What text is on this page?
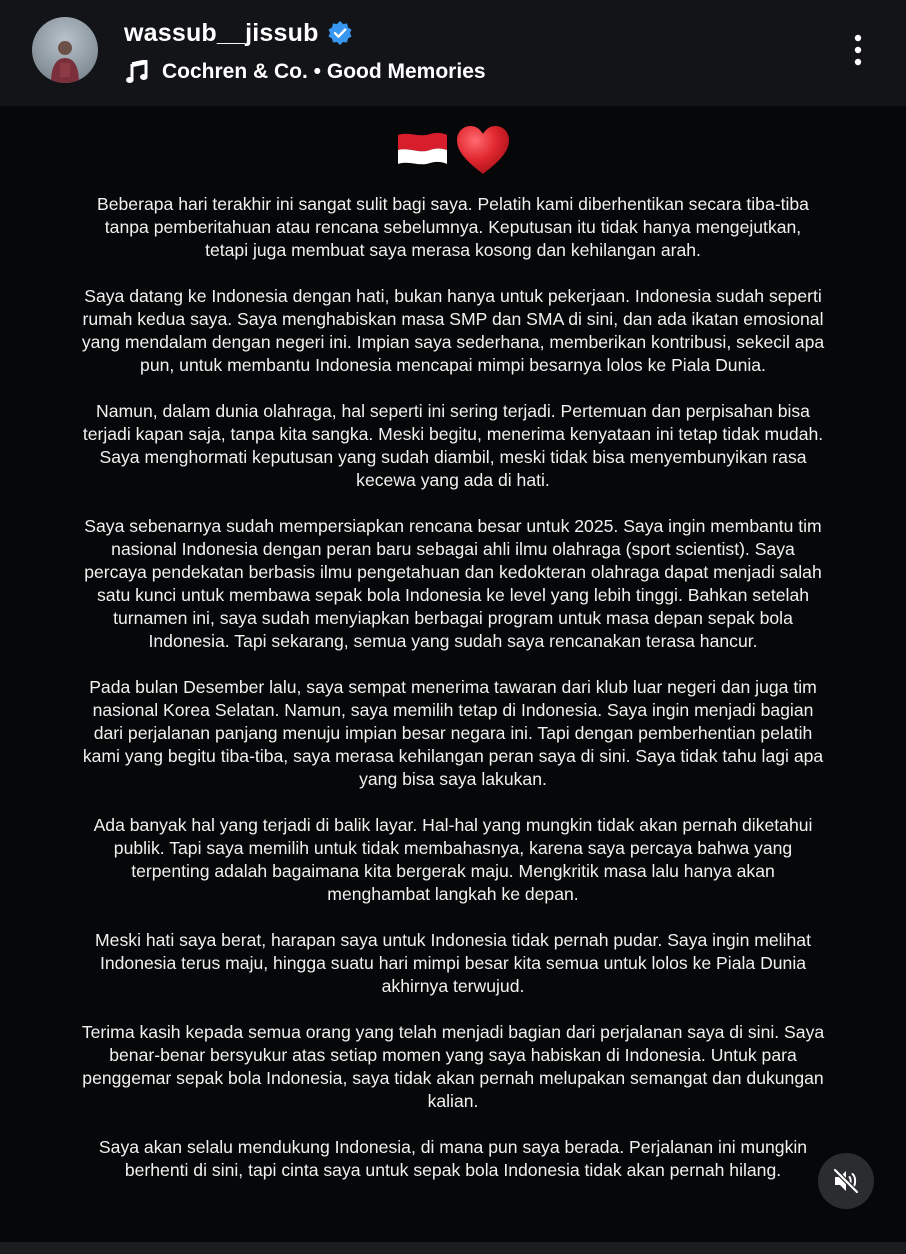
wassub__jissub
Cochren & Co. • Good Memories

Beberapa hari terakhir ini sangat sulit bagi saya. Pelatih kami diberhentikan secara tiba-tiba
tanpa pemberitahuan atau rencana sebelumnya. Keputusan itu tidak hanya mengejutkan,
tetapi juga membuat saya merasa kosong dan kehilangan arah.

Saya datang ke Indonesia dengan hati, bukan hanya untuk pekerjaan. Indonesia sudah seperti
rumah kedua saya. Saya menghabiskan masa SMP dan SMA di sini, dan ada ikatan emosional
yang mendalam dengan negeri ini. Impian saya sederhana, memberikan kontribusi, sekecil apa
pun, untuk membantu Indonesia mencapai mimpi besarnya lolos ke Piala Dunia.

Namun, dalam dunia olahraga, hal seperti ini sering terjadi. Pertemuan dan perpisahan bisa
terjadi kapan saja, tanpa kita sangka. Meski begitu, menerima kenyataan ini tetap tidak mudah.
Saya menghormati keputusan yang sudah diambil, meski tidak bisa menyembunyikan rasa
kecewa yang ada di hati.

Saya sebenarnya sudah mempersiapkan rencana besar untuk 2025. Saya ingin membantu tim
nasional Indonesia dengan peran baru sebagai ahli ilmu olahraga (sport scientist). Saya
percaya pendekatan berbasis ilmu pengetahuan dan kedokteran olahraga dapat menjadi salah
satu kunci untuk membawa sepak bola Indonesia ke level yang lebih tinggi. Bahkan setelah
turnamen ini, saya sudah menyiapkan berbagai program untuk masa depan sepak bola
Indonesia. Tapi sekarang, semua yang sudah saya rencanakan terasa hancur.

Pada bulan Desember lalu, saya sempat menerima tawaran dari klub luar negeri dan juga tim
nasional Korea Selatan. Namun, saya memilih tetap di Indonesia. Saya ingin menjadi bagian
dari perjalanan panjang menuju impian besar negara ini. Tapi dengan pemberhentian pelatih
kami yang begitu tiba-tiba, saya merasa kehilangan peran saya di sini. Saya tidak tahu lagi apa
yang bisa saya lakukan.

Ada banyak hal yang terjadi di balik layar. Hal-hal yang mungkin tidak akan pernah diketahui
publik. Tapi saya memilih untuk tidak membahasnya, karena saya percaya bahwa yang
terpenting adalah bagaimana kita bergerak maju. Mengkritik masa lalu hanya akan
menghambat langkah ke depan.

Meski hati saya berat, harapan saya untuk Indonesia tidak pernah pudar. Saya ingin melihat
Indonesia terus maju, hingga suatu hari mimpi besar kita semua untuk lolos ke Piala Dunia
akhirnya terwujud.

Terima kasih kepada semua orang yang telah menjadi bagian dari perjalanan saya di sini. Saya
benar-benar bersyukur atas setiap momen yang saya habiskan di Indonesia. Untuk para
penggemar sepak bola Indonesia, saya tidak akan pernah melupakan semangat dan dukungan
kalian.

Saya akan selalu mendukung Indonesia, di mana pun saya berada. Perjalanan ini mungkin
berhenti di sini, tapi cinta saya untuk sepak bola Indonesia tidak akan pernah hilang.
